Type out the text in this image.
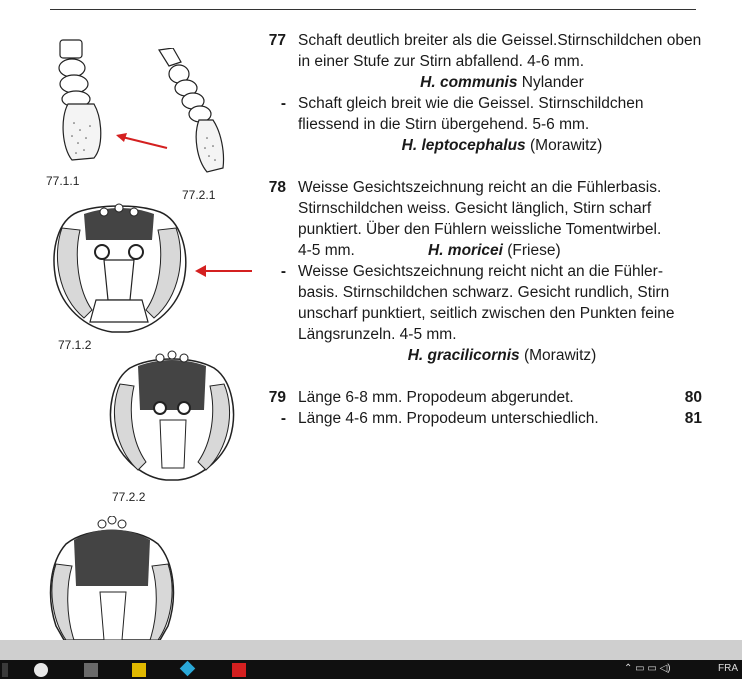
77.1.1
77.2.1
77.1.2
77.2.2
77 Schaft deutlich breiter als die Geissel.Stirnschildchen oben in einer Stufe zur Stirn abfallend. 4-6 mm.
H. communis Nylander
- Schaft gleich breit wie die Geissel. Stirnschildchen fliessend in die Stirn übergehend. 5-6 mm.
H. leptocephalus (Morawitz)
78 Weisse Gesichtszeichnung reicht an die Fühlerbasis. Stirnschildchen weiss. Gesicht länglich, Stirn scharf punktiert. Über den Fühlern weissliche Tomentwirbel.
4-5 mm.	H. moricei (Friese)
- Weisse Gesichtszeichnung reicht nicht an die Fühler-basis. Stirnschildchen schwarz. Gesicht rundlich, Stirn unscharf punktiert, seitlich zwischen den Punkten feine Längsrunzeln. 4-5 mm.
H. gracilicornis (Morawitz)
79 Länge 6-8 mm. Propodeum abgerundet.	80
- Länge 4-6 mm. Propodeum unterschiedlich.	81
⌃ ▭ ▭ ◁)	FRA
